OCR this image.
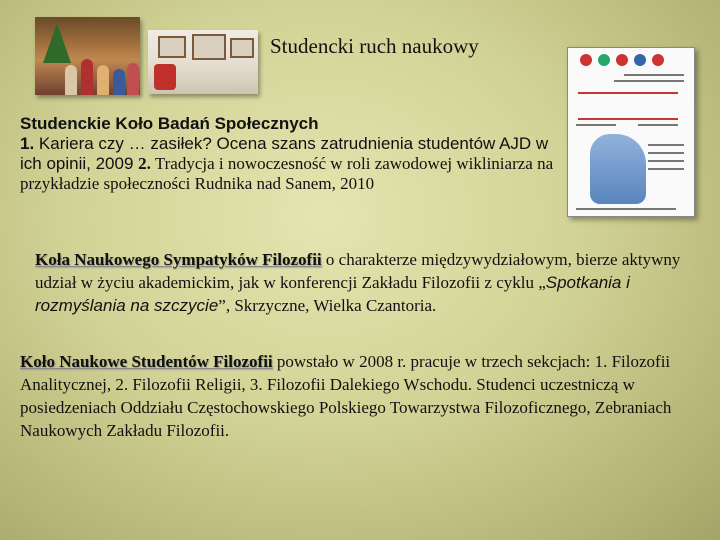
Studencki ruch naukowy
Studenckie Koło Badań Społecznych
1. Kariera czy … zasiłek? Ocena szans zatrudnienia studentów AJD w ich opinii, 2009 2. Tradycja i nowoczesność w roli zawodowej wikliniarza na przykładzie społeczności Rudnika nad Sanem, 2010
Koła Naukowego Sympatyków Filozofii o charakterze międzywydziałowym, bierze aktywny udział w życiu akademickim, jak w konferencji Zakładu Filozofii z cyklu „Spotkania i rozmyślania na szczycie”, Skrzyczne, Wielka Czantoria.
Koło Naukowe Studentów Filozofii powstało w 2008 r. pracuje w trzech sekcjach: 1. Filozofii Analitycznej, 2. Filozofii Religii, 3. Filozofii Dalekiego Wschodu. Studenci uczestniczą w posiedzeniach Oddziału Częstochowskiego Polskiego Towarzystwa Filozoficznego, Zebraniach Naukowych Zakładu Filozofii.
